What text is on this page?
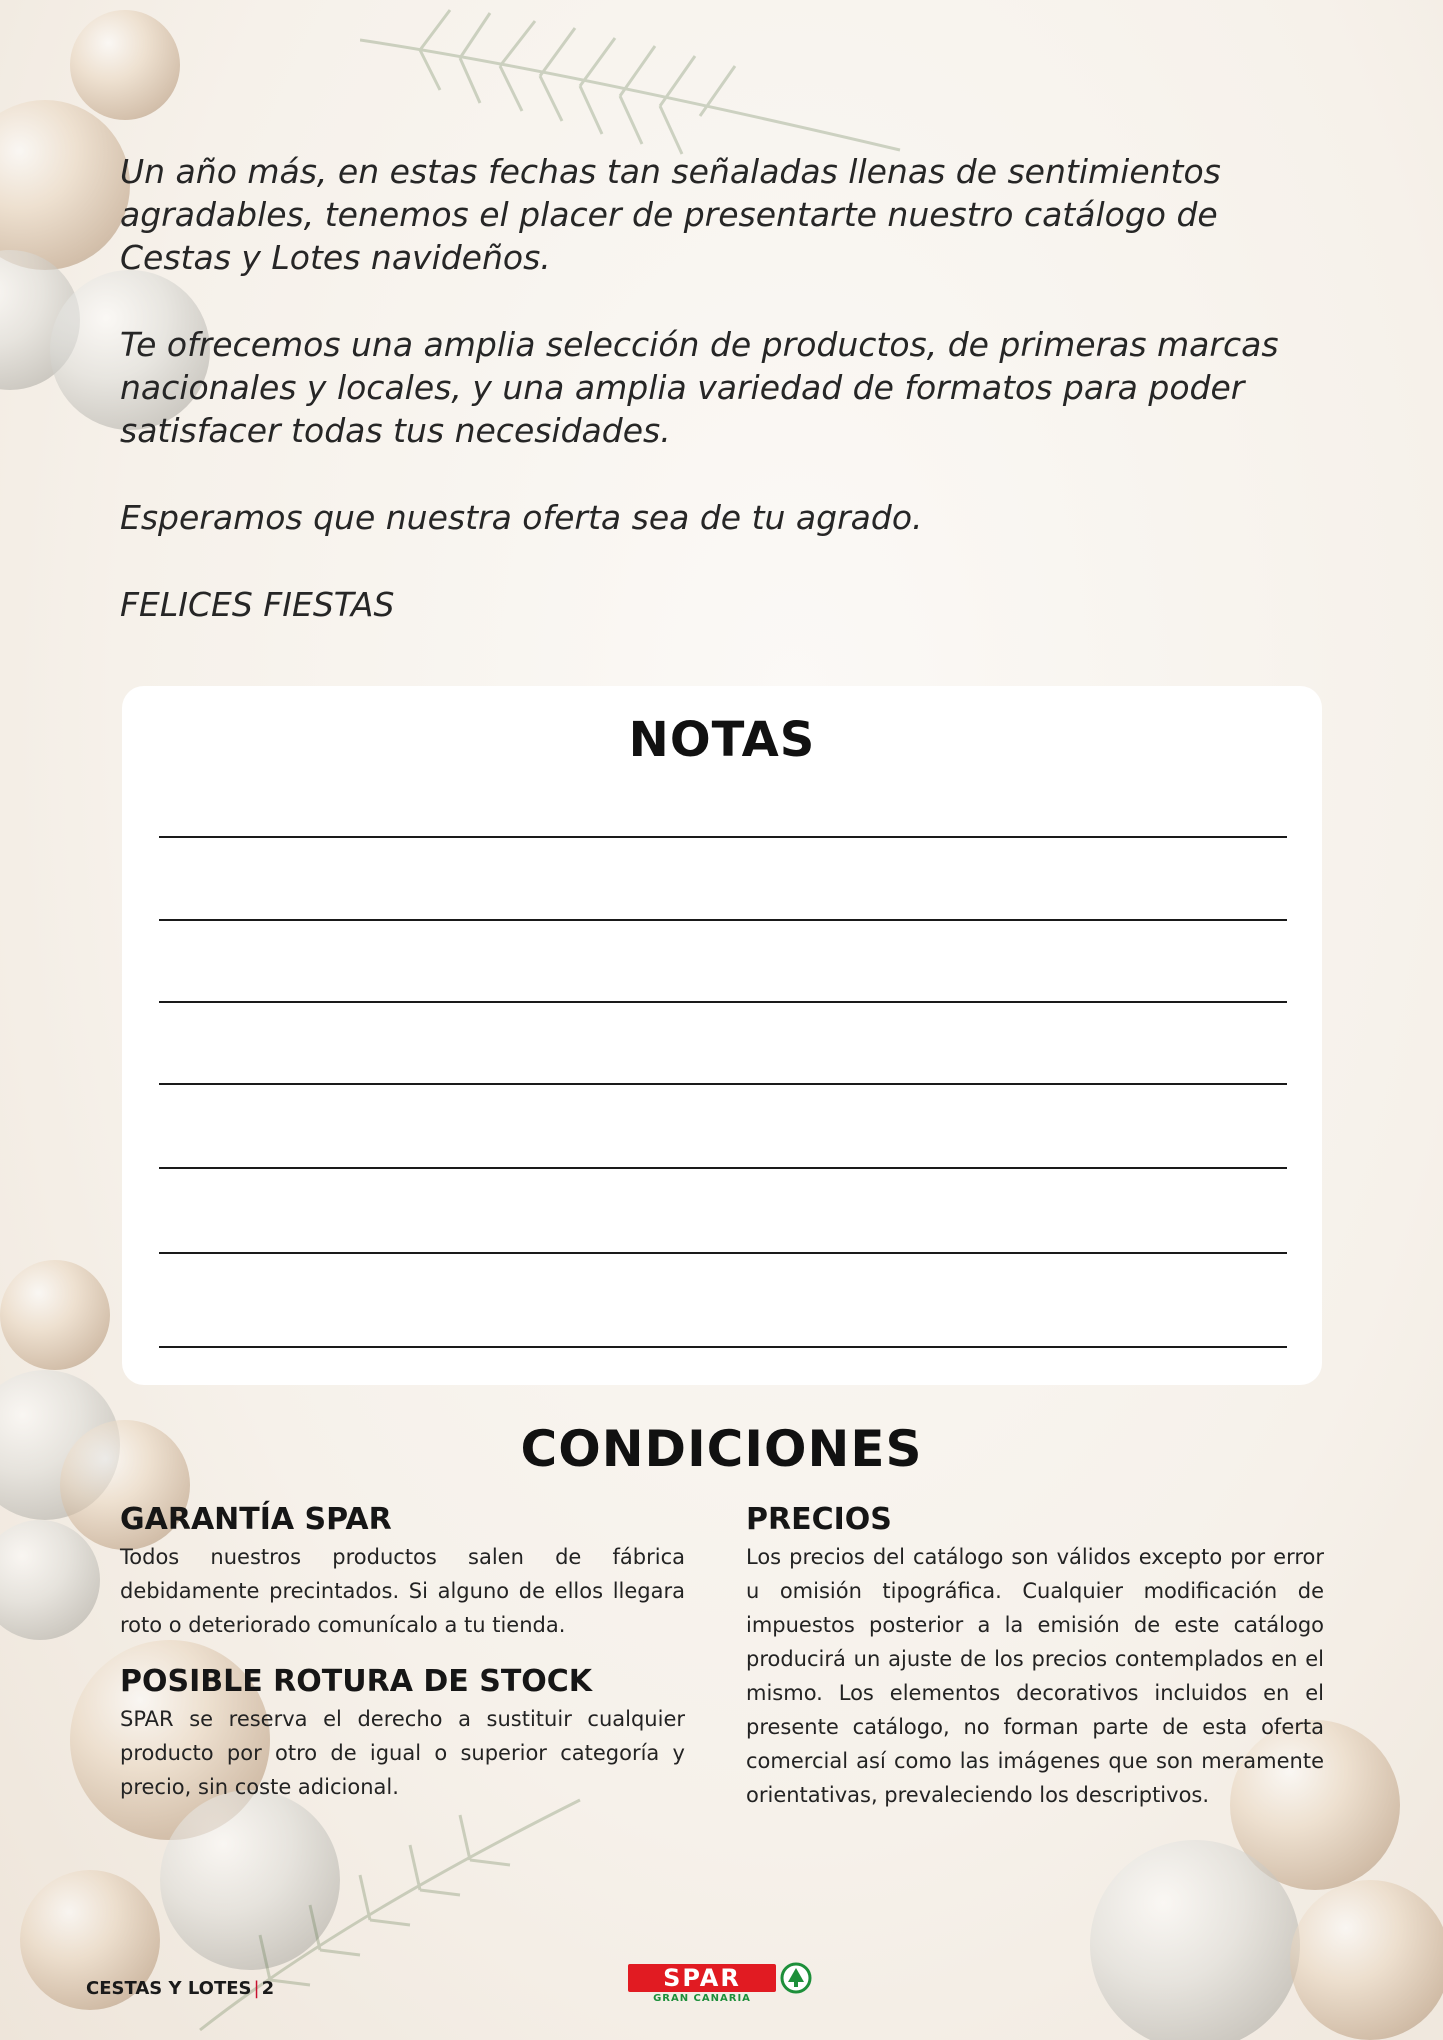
Un año más, en estas fechas tan señaladas llenas de sentimientos agradables, tenemos el placer de presentarte nuestro catálogo de Cestas y Lotes navideños.

Te ofrecemos una amplia selección de productos, de primeras marcas nacionales y locales, y una amplia variedad de formatos para poder satisfacer todas tus necesidades.

Esperamos que nuestra oferta sea de tu agrado.

FELICES FIESTAS

NOTAS
CONDICIONES
GARANTÍA SPAR

Todos nuestros productos salen de fábrica debidamente precintados. Si alguno de ellos llegara roto o deteriorado comunícalo a tu tienda.

POSIBLE ROTURA DE STOCK

SPAR se reserva el derecho a sustituir cualquier producto por otro de igual o superior categoría y precio, sin coste adicional.

PRECIOS

Los precios del catálogo son válidos excepto por error u omisión tipográfica. Cualquier modificación de impuestos posterior a la emisión de este catálogo producirá un ajuste de los precios contemplados en el mismo. Los elementos decorativos incluidos en el presente catálogo, no forman parte de esta oferta comercial así como las imágenes que son meramente orientativas, prevaleciendo los descriptivos.

CESTAS Y LOTES | 2	SPAR
GRAN CANARIA
